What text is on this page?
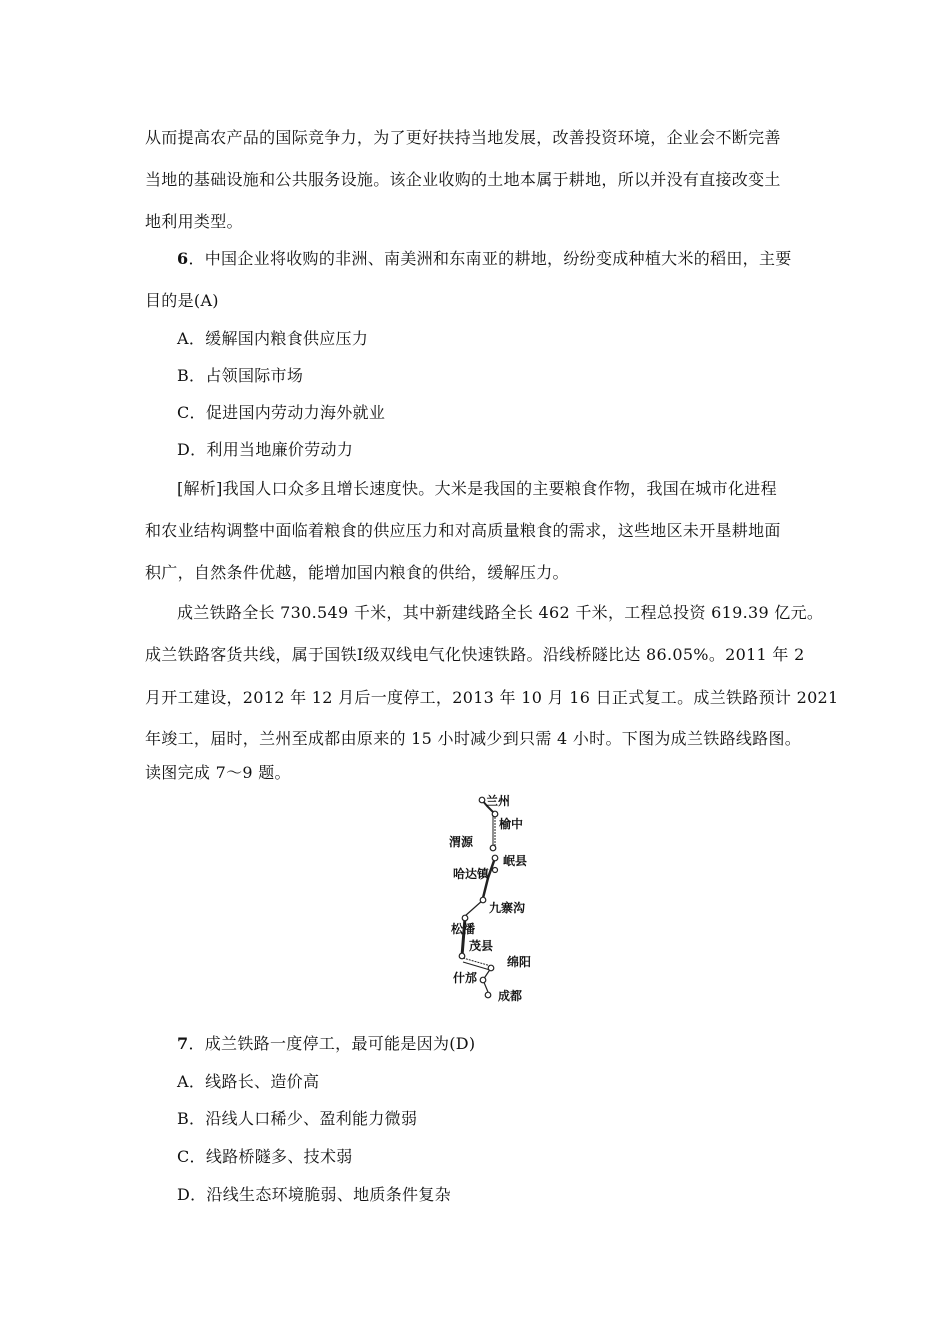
从而提高农产品的国际竞争力，为了更好扶持当地发展，改善投资环境，企业会不断完善
当地的基础设施和公共服务设施。该企业收购的土地本属于耕地，所以并没有直接改变土
地利用类型。
6．中国企业将收购的非洲、南美洲和东南亚的耕地，纷纷变成种植大米的稻田，主要
目的是(A)
A．缓解国内粮食供应压力
B．占领国际市场
C．促进国内劳动力海外就业
D．利用当地廉价劳动力
[解析]我国人口众多且增长速度快。大米是我国的主要粮食作物，我国在城市化进程
和农业结构调整中面临着粮食的供应压力和对高质量粮食的需求，这些地区未开垦耕地面
积广，自然条件优越，能增加国内粮食的供给，缓解压力。
成兰铁路全长 730.549 千米，其中新建线路全长 462 千米，工程总投资 619.39 亿元。
成兰铁路客货共线，属于国铁Ⅰ级双线电气化快速铁路。沿线桥隧比达 86.05%。2011 年 2
月开工建设，2012 年 12 月后一度停工，2013 年 10 月 16 日正式复工。成兰铁路预计 2021
年竣工，届时，兰州至成都由原来的 15 小时减少到只需 4 小时。下图为成兰铁路线路图。
读图完成 7～9 题。
兰州
榆中
渭源
岷县
哈达镇
九寨沟
松潘
茂县
绵阳
什邡
成都
7．成兰铁路一度停工，最可能是因为(D)
A．线路长、造价高
B．沿线人口稀少、盈利能力微弱
C．线路桥隧多、技术弱
D．沿线生态环境脆弱、地质条件复杂
